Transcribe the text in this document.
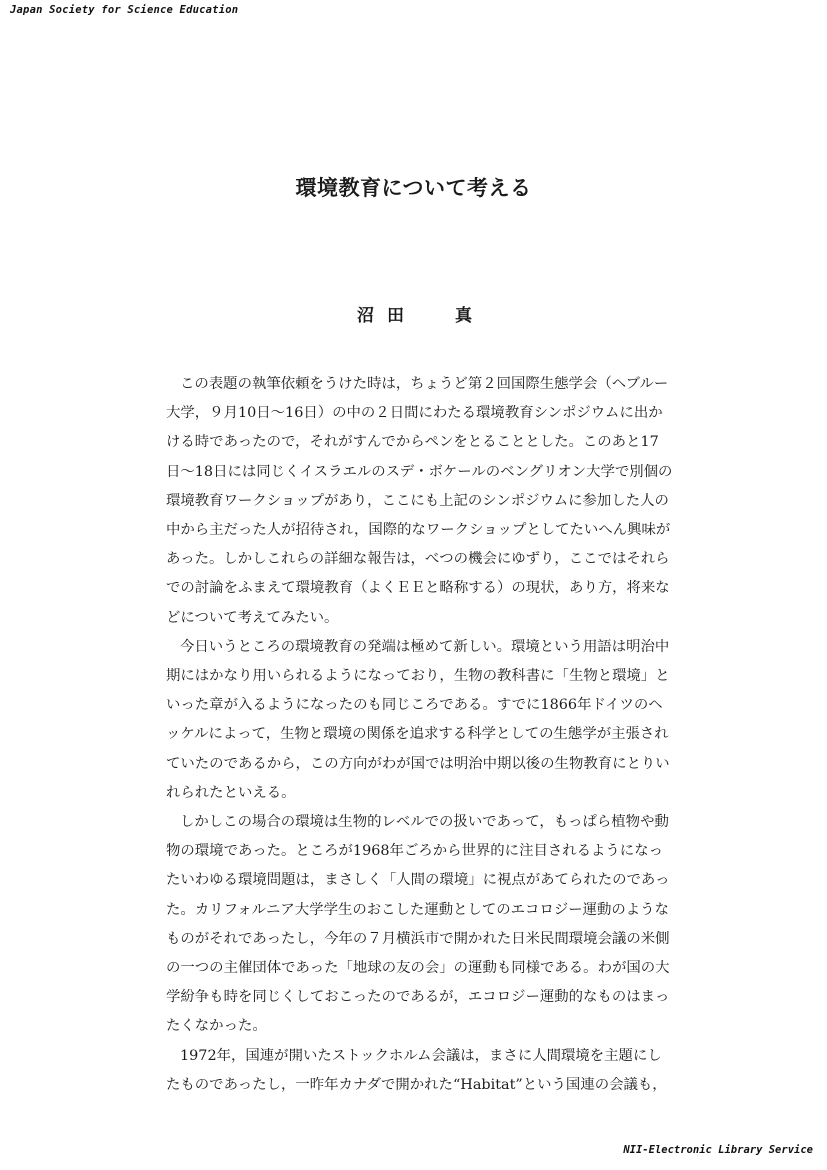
Japan Society for Science Education
環境教育について考える
沼 田	真

この表題の執筆依頼をうけた時は，ちょうど第２回国際生態学会（ヘブルー大学，９月10日〜16日）の中の２日間にわたる環境教育シンポジウムに出かける時であったので，それがすんでからペンをとることとした。このあと17日〜18日には同じくイスラエルのスデ・ボケールのベングリオン大学で別個の環境教育ワークショップがあり，ここにも上記のシンポジウムに参加した人の中から主だった人が招待され，国際的なワークショップとしてたいへん興味があった。しかしこれらの詳細な報告は，べつの機会にゆずり，ここではそれらでの討論をふまえて環境教育（よくＥＥと略称する）の現状，あり方，将来などについて考えてみたい。

今日いうところの環境教育の発端は極めて新しい。環境という用語は明治中期にはかなり用いられるようになっており，生物の教科書に「生物と環境」といった章が入るようになったのも同じころである。すでに1866年ドイツのヘッケルによって，生物と環境の関係を追求する科学としての生態学が主張されていたのであるから，この方向がわが国では明治中期以後の生物教育にとりいれられたといえる。

しかしこの場合の環境は生物的レベルでの扱いであって，もっぱら植物や動物の環境であった。ところが1968年ごろから世界的に注目されるようになったいわゆる環境問題は，まさしく「人間の環境」に視点があてられたのであった。カリフォルニア大学学生のおこした運動としてのエコロジー運動のようなものがそれであったし，今年の７月横浜市で開かれた日米民間環境会議の米側の一つの主催団体であった「地球の友の会」の運動も同様である。わが国の大学紛争も時を同じくしておこったのであるが，エコロジー運動的なものはまったくなかった。

1972年，国連が開いたストックホルム会議は，まさに人間環境を主題にしたものであったし，一昨年カナダで開かれた“Habitat”という国連の会議も，

NII-Electronic Library Service
